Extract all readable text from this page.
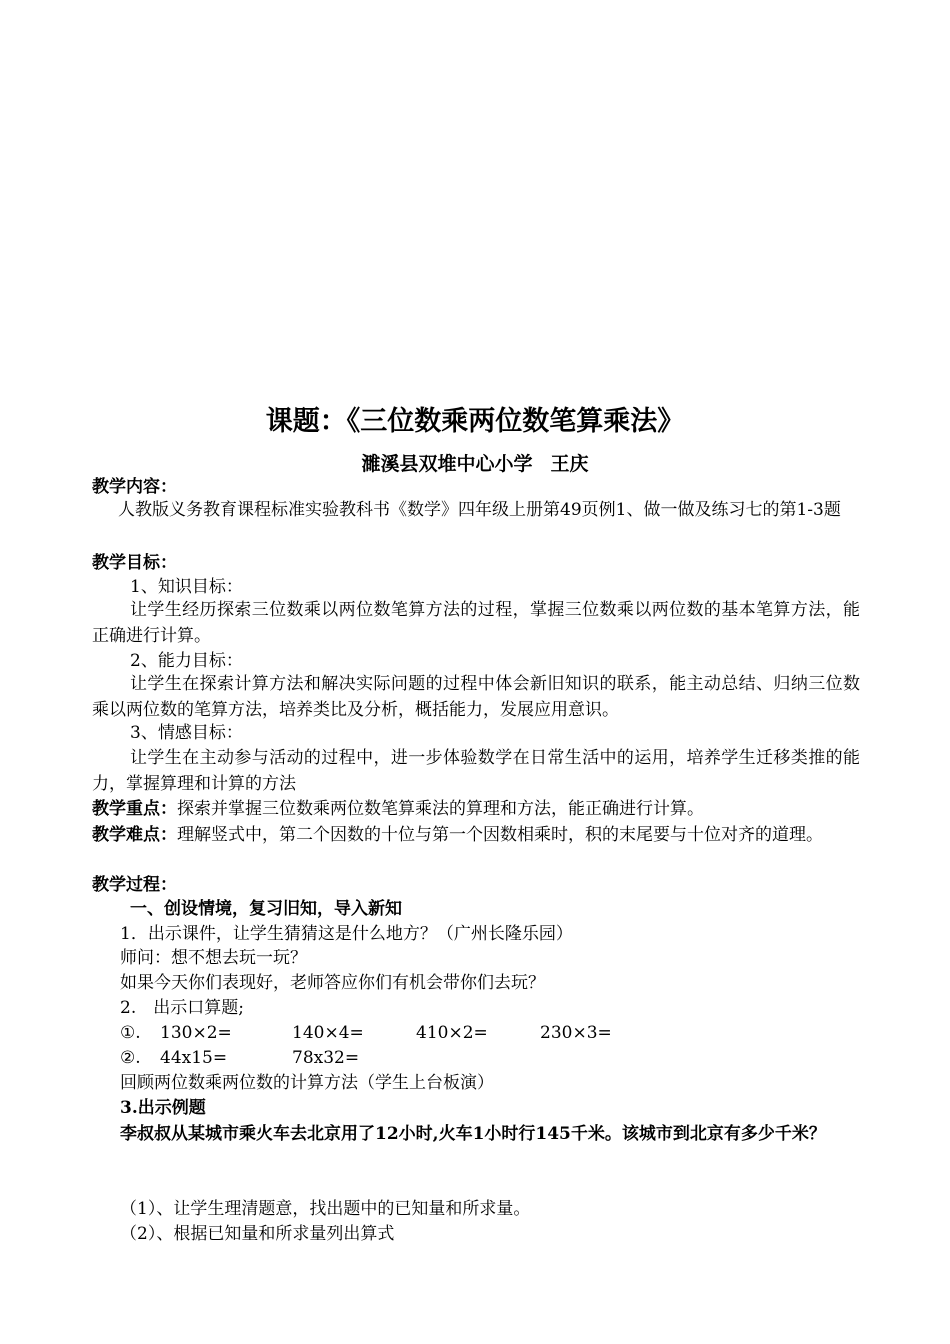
课题：《三位数乘两位数笔算乘法》
濉溪县双堆中心小学 王庆
教学内容：
人教版义务教育课程标准实验教科书《数学》四年级上册第49页例1、做一做及练习七的第1-3题
教学目标：
1、知识目标：
让学生经历探索三位数乘以两位数笔算方法的过程，掌握三位数乘以两位数的基本笔算方法，能正确进行计算。
2、能力目标：
让学生在探索计算方法和解决实际问题的过程中体会新旧知识的联系，能主动总结、归纳三位数乘以两位数的笔算方法，培养类比及分析，概括能力，发展应用意识。
3、情感目标：
让学生在主动参与活动的过程中，进一步体验数学在日常生活中的运用，培养学生迁移类推的能力，掌握算理和计算的方法
教学重点：探索并掌握三位数乘两位数笔算乘法的算理和方法，能正确进行计算。
教学难点：理解竖式中，第二个因数的十位与第一个因数相乘时，积的末尾要与十位对齐的道理。
教学过程：
一、创设情境，复习旧知，导入新知
1．出示课件，让学生猜猜这是什么地方？（广州长隆乐园）
师问：想不想去玩一玩？
如果今天你们表现好，老师答应你们有机会带你们去玩？
2.　出示口算题;
①. 130×2=	140×4=	410×2=	230×3=
②. 44x15=	78x32=
回顾两位数乘两位数的计算方法（学生上台板演）
3.出示例题
李叔叔从某城市乘火车去北京用了12小时,火车1小时行145千米。该城市到北京有多少千米？
（1）、让学生理清题意，找出题中的已知量和所求量。
（2）、根据已知量和所求量列出算式
